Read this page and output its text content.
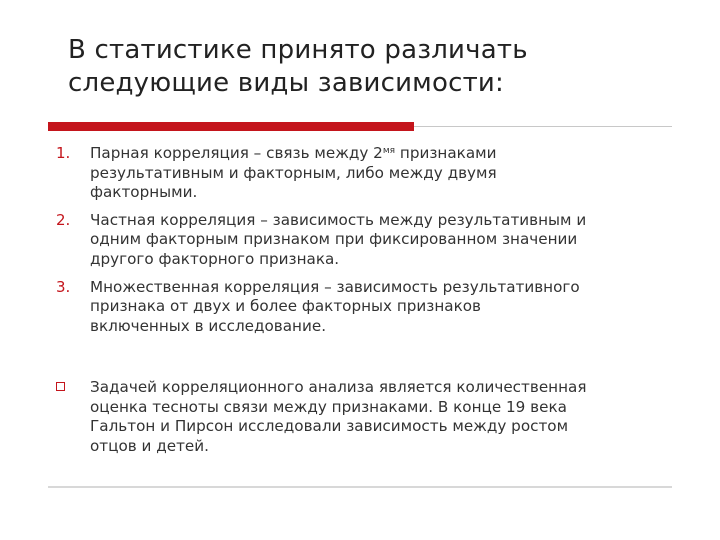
В статистике принято различать
следующие виды зависимости:
1. Парная корреляция – связь между $2^{мя}$ признаками
результативным и факторным, либо между двумя
факторными.
2. Частная корреляция – зависимость между результативным и
одним факторным признаком при фиксированном значении
другого факторного признака.
3. Множественная корреляция – зависимость результативного
признака от двух и более факторных признаков
включенных в исследование.
Задачей корреляционного анализа является количественная
оценка тесноты связи между признаками. В конце 19 века
Гальтон и Пирсон исследовали зависимость между ростом
отцов и детей.
